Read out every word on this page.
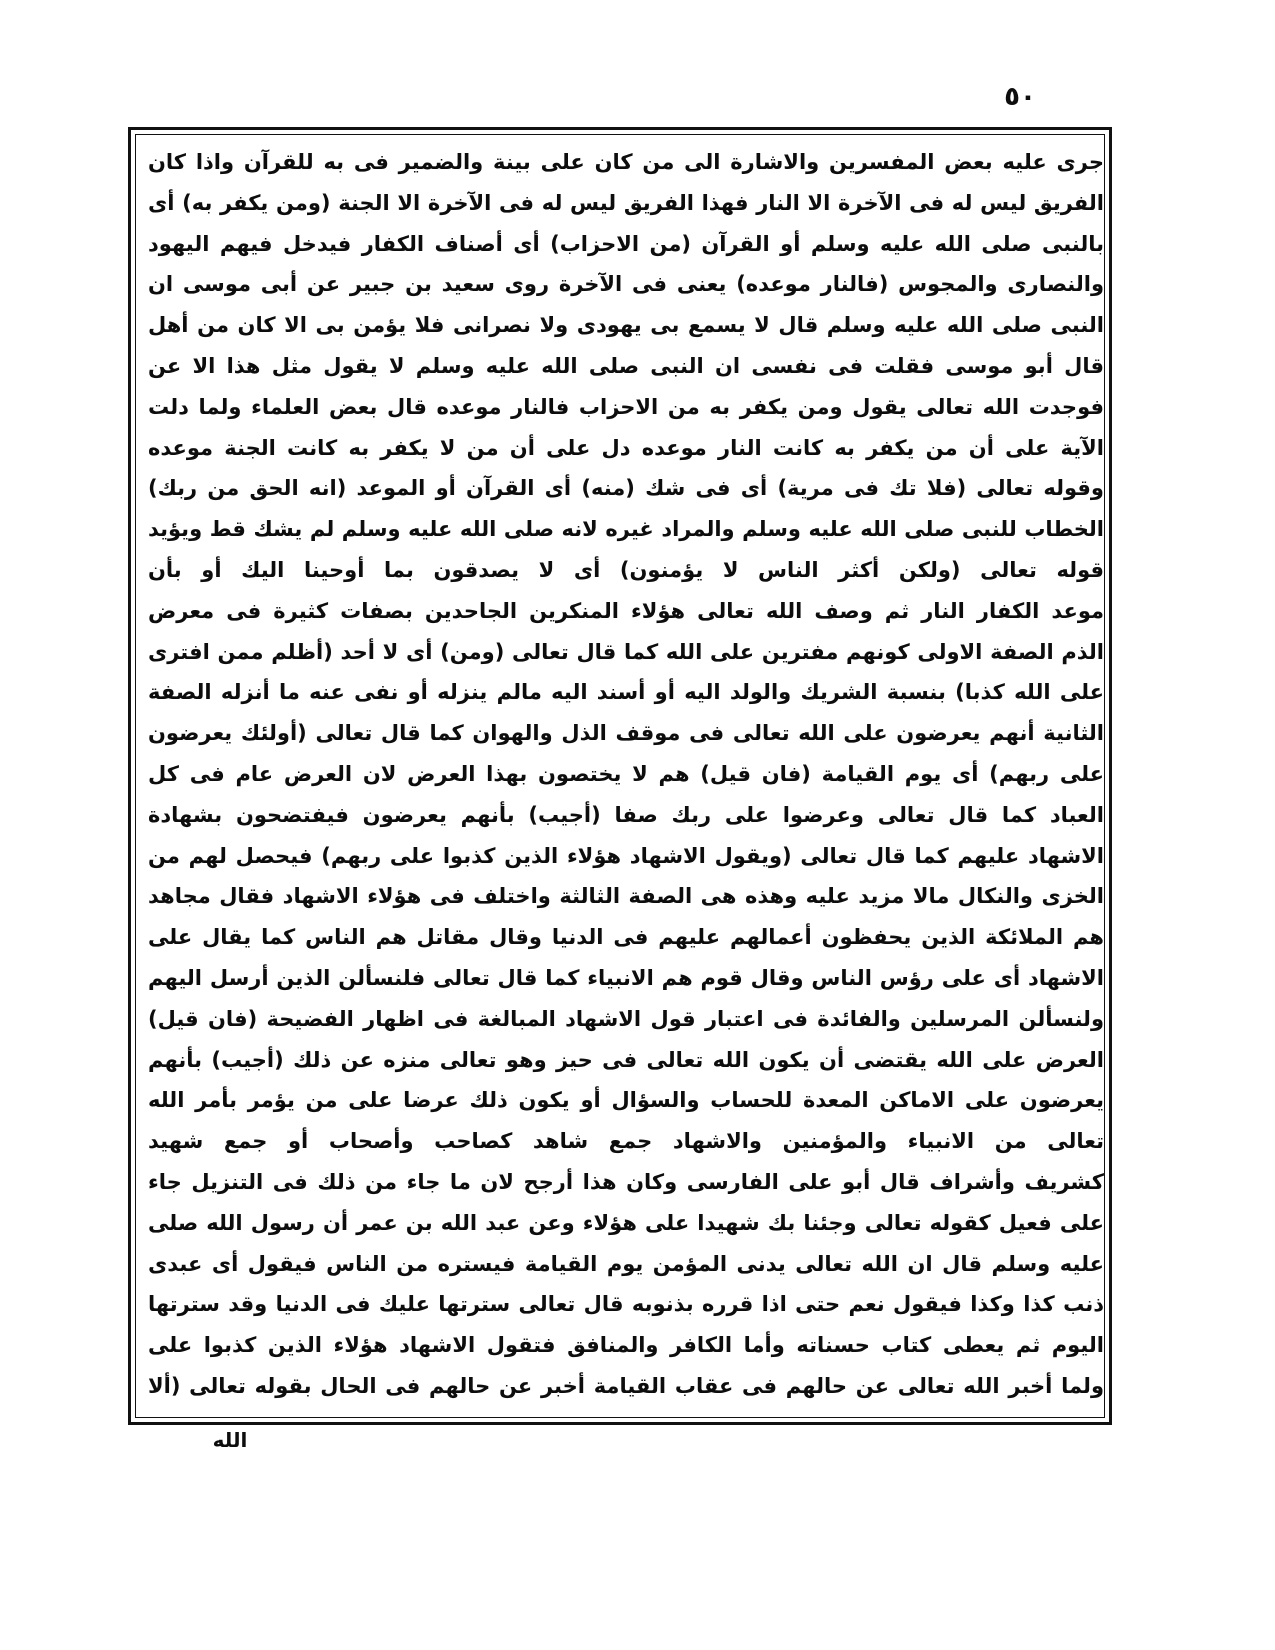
٥٠
جرى عليه بعض المفسرين والاشارة الى من كان على بينة والضمير فى به للقرآن واذا كان
الفريق ليس له فى الآخرة الا النار فهذا الفريق ليس له فى الآخرة الا الجنة (ومن يكفر به) أى
بالنبى صلى الله عليه وسلم أو القرآن (من الاحزاب) أى أصناف الكفار فيدخل فيهم اليهود
والنصارى والمجوس (فالنار موعده) يعنى فى الآخرة روى سعيد بن جبير عن أبى موسى ان
النبى صلى الله عليه وسلم قال لا يسمع بى يهودى ولا نصرانى فلا يؤمن بى الا كان من أهل
قال أبو موسى فقلت فى نفسى ان النبى صلى الله عليه وسلم لا يقول مثل هذا الا عن
فوجدت الله تعالى يقول ومن يكفر به من الاحزاب فالنار موعده قال بعض العلماء ولما دلت
الآية على أن من يكفر به كانت النار موعده دل على أن من لا يكفر به كانت الجنة موعده
وقوله تعالى (فلا تك فى مرية) أى فى شك (منه) أى القرآن أو الموعد (انه الحق من ربك)
الخطاب للنبى صلى الله عليه وسلم والمراد غيره لانه صلى الله عليه وسلم لم يشك قط ويؤيد
قوله تعالى (ولكن أكثر الناس لا يؤمنون) أى لا يصدقون بما أوحينا اليك أو بأن
موعد الكفار النار ثم وصف الله تعالى هؤلاء المنكرين الجاحدين بصفات كثيرة فى معرض
الذم الصفة الاولى كونهم مفترين على الله كما قال تعالى (ومن) أى لا أحد (أظلم ممن افترى
على الله كذبا) بنسبة الشريك والولد اليه أو أسند اليه مالم ينزله أو نفى عنه ما أنزله الصفة
الثانية أنهم يعرضون على الله تعالى فى موقف الذل والهوان كما قال تعالى (أولئك يعرضون
على ربهم) أى يوم القيامة (فان قيل) هم لا يختصون بهذا العرض لان العرض عام فى كل
العباد كما قال تعالى وعرضوا على ربك صفا (أجيب) بأنهم يعرضون فيفتضحون بشهادة
الاشهاد عليهم كما قال تعالى (ويقول الاشهاد هؤلاء الذين كذبوا على ربهم) فيحصل لهم من
الخزى والنكال مالا مزيد عليه وهذه هى الصفة الثالثة واختلف فى هؤلاء الاشهاد فقال مجاهد
هم الملائكة الذين يحفظون أعمالهم عليهم فى الدنيا وقال مقاتل هم الناس كما يقال على
الاشهاد أى على رؤس الناس وقال قوم هم الانبياء كما قال تعالى فلنسألن الذين أرسل اليهم
ولنسألن المرسلين والفائدة فى اعتبار قول الاشهاد المبالغة فى اظهار الفضيحة (فان قيل)
العرض على الله يقتضى أن يكون الله تعالى فى حيز وهو تعالى منزه عن ذلك (أجيب) بأنهم
يعرضون على الاماكن المعدة للحساب والسؤال أو يكون ذلك عرضا على من يؤمر بأمر الله
تعالى من الانبياء والمؤمنين والاشهاد جمع شاهد كصاحب وأصحاب أو جمع شهيد
كشريف وأشراف قال أبو على الفارسى وكان هذا أرجح لان ما جاء من ذلك فى التنزيل جاء
على فعيل كقوله تعالى وجئنا بك شهيدا على هؤلاء وعن عبد الله بن عمر أن رسول الله صلى
عليه وسلم قال ان الله تعالى يدنى المؤمن يوم القيامة فيستره من الناس فيقول أى عبدى
ذنب كذا وكذا فيقول نعم حتى اذا قرره بذنوبه قال تعالى سترتها عليك فى الدنيا وقد سترتها
اليوم ثم يعطى كتاب حسناته وأما الكافر والمنافق فتقول الاشهاد هؤلاء الذين كذبوا على
ولما أخبر الله تعالى عن حالهم فى عقاب القيامة أخبر عن حالهم فى الحال بقوله تعالى (ألا
الله
